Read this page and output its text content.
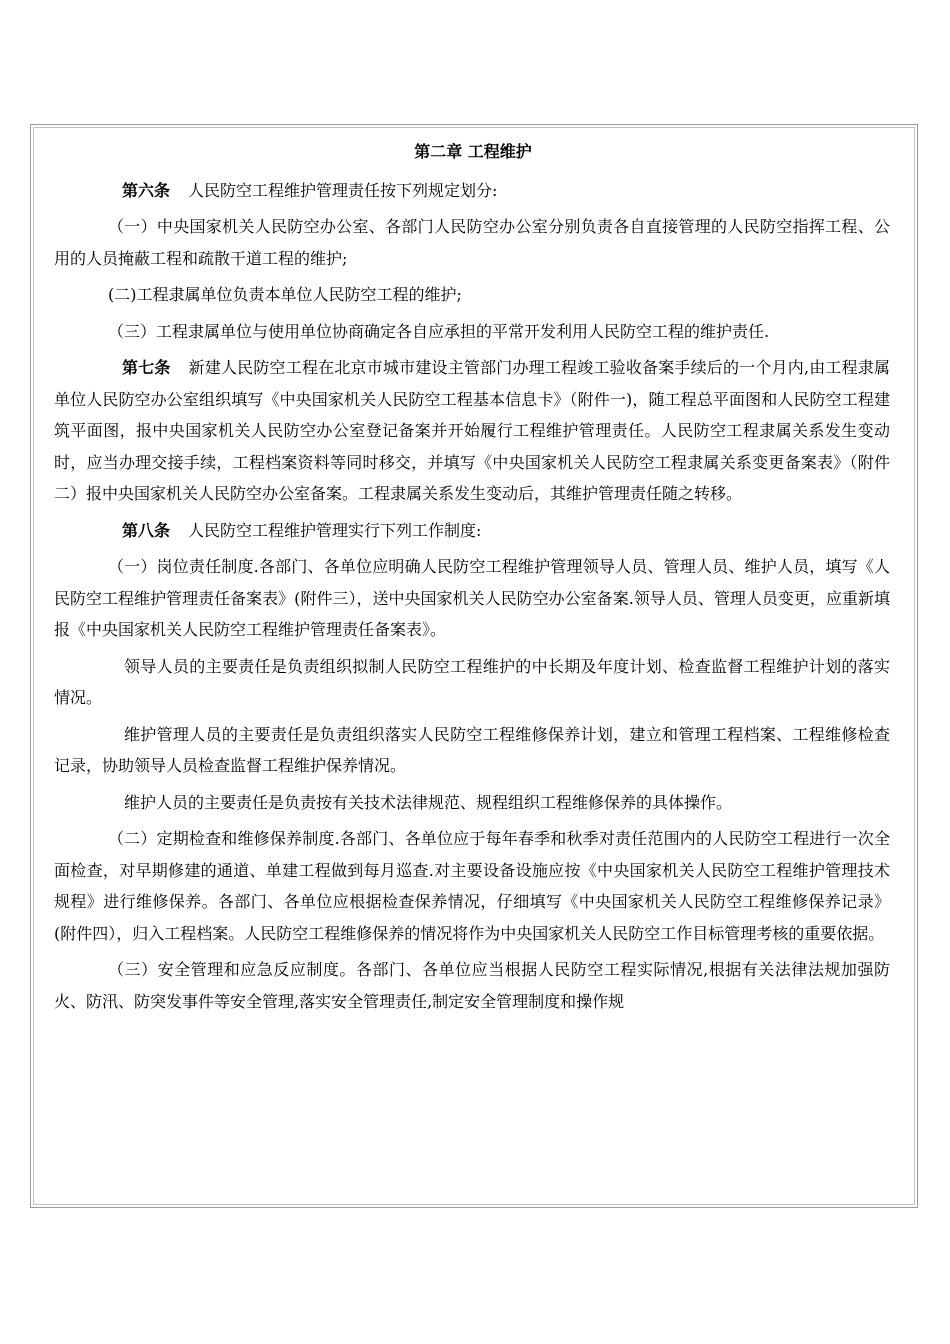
第二章 工程维护

第六条 人民防空工程维护管理责任按下列规定划分:

（一）中央国家机关人民防空办公室、各部门人民防空办公室分别负责各自直接管理的人民防空指挥工程、公用的人员掩蔽工程和疏散干道工程的维护;

(二)工程隶属单位负责本单位人民防空工程的维护;

（三）工程隶属单位与使用单位协商确定各自应承担的平常开发利用人民防空工程的维护责任.

第七条 新建人民防空工程在北京市城市建设主管部门办理工程竣工验收备案手续后的一个月内,由工程隶属单位人民防空办公室组织填写《中央国家机关人民防空工程基本信息卡》（附件一)，随工程总平面图和人民防空工程建筑平面图，报中央国家机关人民防空办公室登记备案并开始履行工程维护管理责任。人民防空工程隶属关系发生变动时，应当办理交接手续，工程档案资料等同时移交，并填写《中央国家机关人民防空工程隶属关系变更备案表》（附件二）报中央国家机关人民防空办公室备案。工程隶属关系发生变动后，其维护管理责任随之转移。

第八条 人民防空工程维护管理实行下列工作制度:

（一）岗位责任制度.各部门、各单位应明确人民防空工程维护管理领导人员、管理人员、维护人员，填写《人民防空工程维护管理责任备案表》(附件三），送中央国家机关人民防空办公室备案.领导人员、管理人员变更，应重新填报《中央国家机关人民防空工程维护管理责任备案表》。

领导人员的主要责任是负责组织拟制人民防空工程维护的中长期及年度计划、检查监督工程维护计划的落实情况。

维护管理人员的主要责任是负责组织落实人民防空工程维修保养计划，建立和管理工程档案、工程维修检查记录，协助领导人员检查监督工程维护保养情况。

维护人员的主要责任是负责按有关技术法律规范、规程组织工程维修保养的具体操作。

（二）定期检查和维修保养制度.各部门、各单位应于每年春季和秋季对责任范围内的人民防空工程进行一次全面检查，对早期修建的通道、单建工程做到每月巡查.对主要设备设施应按《中央国家机关人民防空工程维护管理技术规程》进行维修保养。各部门、各单位应根据检查保养情况，仔细填写《中央国家机关人民防空工程维修保养记录》(附件四），归入工程档案。人民防空工程维修保养的情况将作为中央国家机关人民防空工作目标管理考核的重要依据。

（三）安全管理和应急反应制度。各部门、各单位应当根据人民防空工程实际情况,根据有关法律法规加强防火、防汛、防突发事件等安全管理,落实安全管理责任,制定安全管理制度和操作规
